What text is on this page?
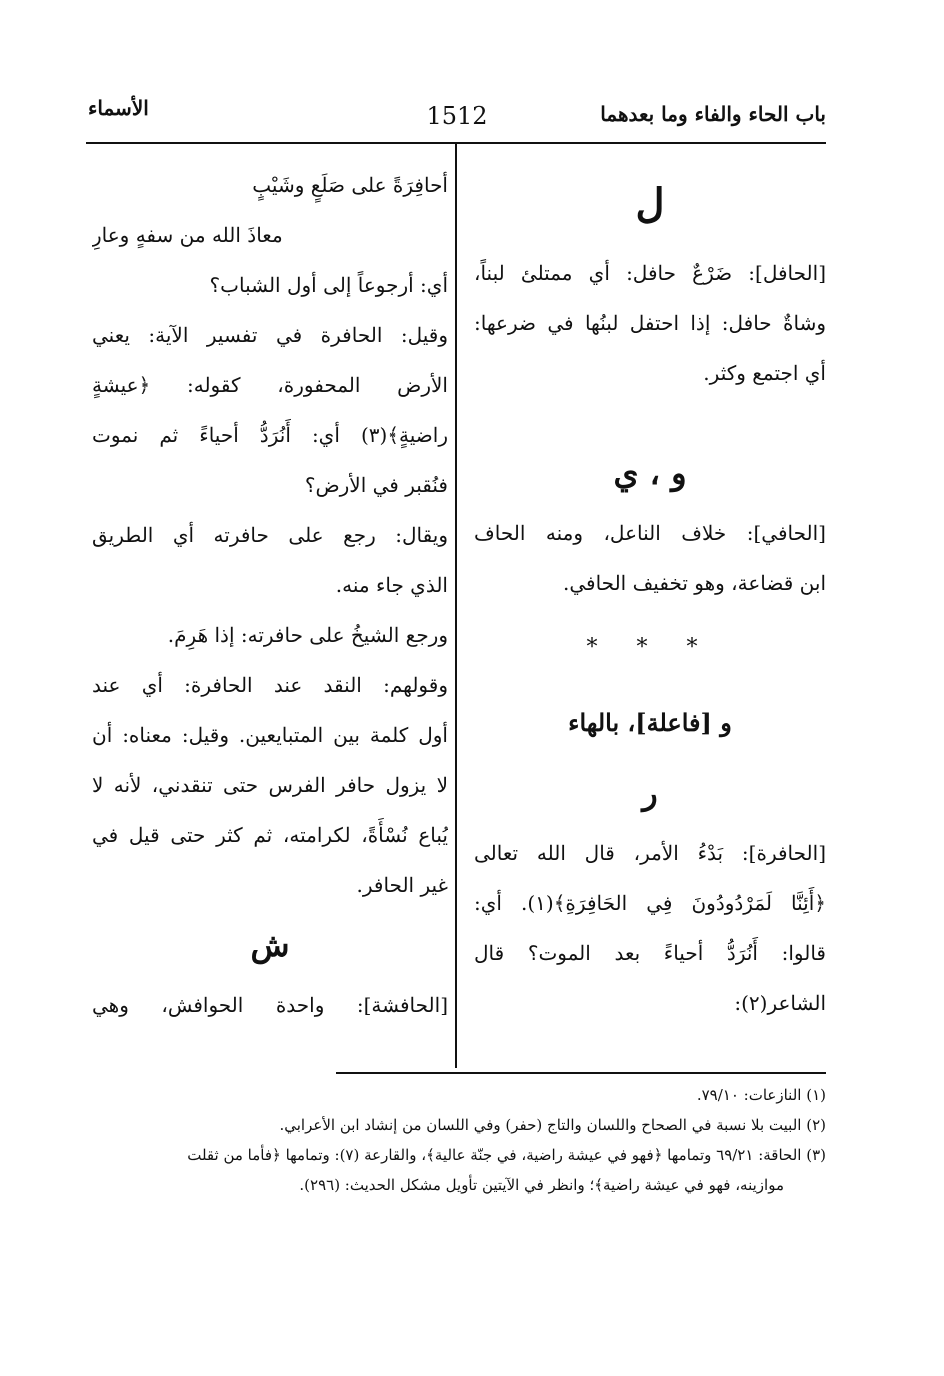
باب الحاء والفاء وما بعدهما
1512
الأسماء
ل
[الحافل]: ضَرْعٌ حافل: أي ممتلئ لبناً،
وشاةٌ حافل: إذا احتفل لبنُها في ضرعها:
أي اجتمع وكثر.
و ، ي
[الحافي]: خلاف الناعل، ومنه الحاف
ابن قضاعة، وهو تخفيف الحافي.
* * *
و [فاعلة]، بالهاء
ر
[الحافرة]: بَدْءُ الأمر، قال الله تعالى
﴿أَئِنَّا لَمَرْدُودُونَ فِي الحَافِرَةِ﴾(١). أي:
قالوا: أَنُرَدُّ أحياءً بعد الموت؟ قال
الشاعر(٢):
أحافِرَةً على صَلَعٍ وشَيْبٍ
معاذَ الله من سفهٍ وعارِ
أي: أرجوعاً إلى أول الشباب؟
وقيل: الحافرة في تفسير الآية: يعني
الأرض المحفورة، كقوله: ﴿عيشةٍ
راضيةٍ﴾(٣) أي: أَنُرَدُّ أحياءً ثم نموت
فنُقبر في الأرض؟
ويقال: رجع على حافرته أي الطريق
الذي جاء منه.
ورجع الشيخُ على حافرته: إذا هَرِمَ.
وقولهم: النقد عند الحافرة: أي عند
أول كلمة بين المتبايعين. وقيل: معناه: أن
لا يزول حافر الفرس حتى تنقدني، لأنه لا
يُباع نُسْأَةً، لكرامته، ثم كثر حتى قيل في
غير الحافر.
ش
[الحافشة]: واحدة الحوافش، وهي
(١) النازعات: ٧٩/١٠.
(٢) البيت بلا نسبة في الصحاح واللسان والتاج (حفر) وفي اللسان من إنشاد ابن الأعرابي.
(٣) الحاقة: ٦٩/٢١ وتمامها ﴿فهو في عيشة راضية، في جنّة عالية﴾، والقارعة (٧): وتمامها ﴿فأما من ثقلت
موازينه، فهو في عيشة راضية﴾؛ وانظر في الآيتين تأويل مشكل الحديث: (٢٩٦).
